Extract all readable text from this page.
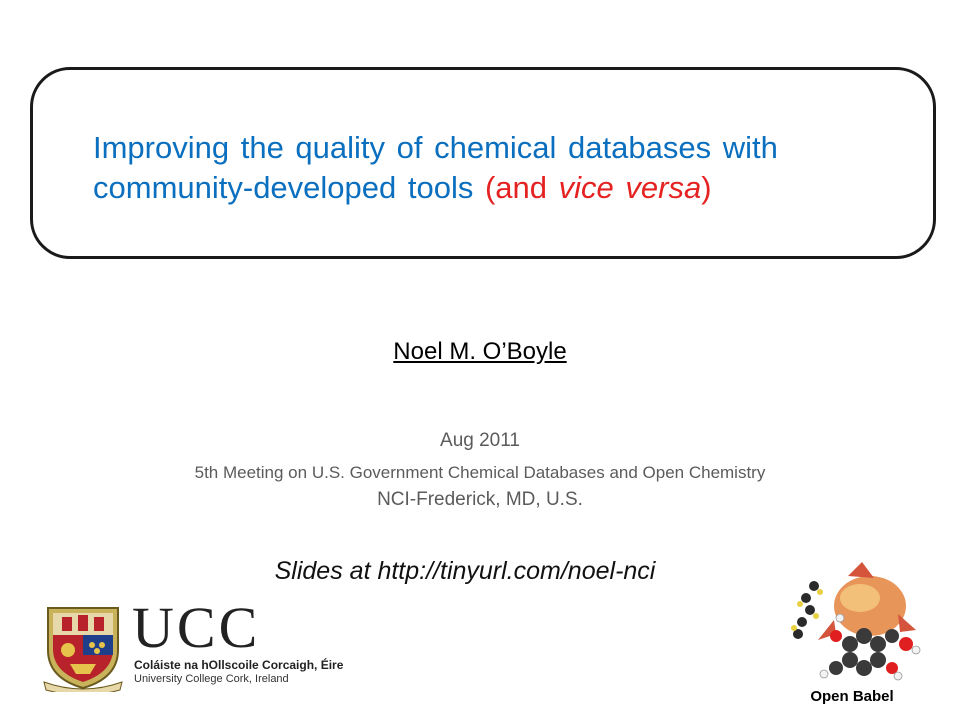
Improving the quality of chemical databases with community-developed tools (and vice versa)
Noel M. O’Boyle
Aug 2011
5th Meeting on U.S. Government Chemical Databases and Open Chemistry
NCI-Frederick, MD, U.S.
Slides at http://tinyurl.com/noel-nci
UCC
Coláiste na hOllscoile Corcaigh, Éire
University College Cork, Ireland
Open Babel
